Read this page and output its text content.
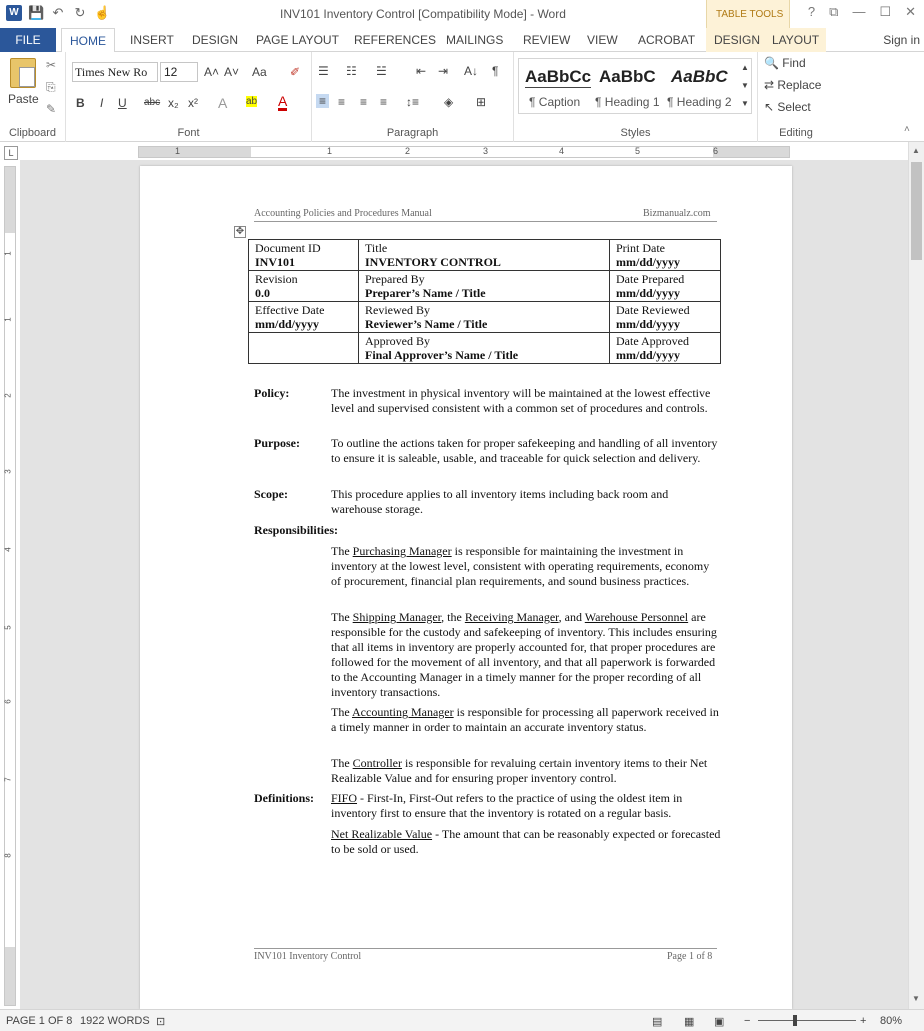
W 💾 ↶ ↻ ☝	INV101 Inventory Control [Compatibility Mode] - Word	TABLE TOOLS ? ⧉ — ☐ ✕
FILE	HOME	INSERT	DESIGN	PAGE LAYOUT	REFERENCES MAILINGS	REVIEW	VIEW	ACROBAT	DESIGN LAYOUT	Sign in
Paste
✂
⎘
✎
Clipboard
Times New Ro	12	A˄ A˅ Aa ✐
B I U abc x₂ x² A ab A
Font
☰ ☷ ☱ ⇤ ⇥ A↓ ¶
≡ ≡ ≡ ≡ ↕≡ ◈ ⊞
Paragraph
AaBbCc
¶ Caption
AaBbC
¶ Heading 1
AaBbC
¶ Heading 2
▲
▼
▼
Styles
🔍 Find
⇄ Replace
↖ Select
Editing	˄
L	1	1	2	3	4	5	6
1
1
2
3
4
5
6
7
8
Accounting Policies and Procedures Manual	Bizmanualz.com
✥
Document ID
INV101	Title
INVENTORY CONTROL	Print Date
mm/dd/yyyy
Revision
0.0	Prepared By
Preparer’s Name / Title	Date Prepared
mm/dd/yyyy
Effective Date
mm/dd/yyyy	Reviewed By
Reviewer’s Name / Title	Date Reviewed
mm/dd/yyyy

	Approved By
Final Approver’s Name / Title	Date Approved
mm/dd/yyyy
Policy:	The investment in physical inventory will be maintained at the lowest effective level and supervised consistent with a common set of procedures and controls.
Purpose:	To outline the actions taken for proper safekeeping and handling of all inventory to ensure it is saleable, usable, and traceable for quick selection and delivery.
Scope:	This procedure applies to all inventory items including back room and warehouse storage.
Responsibilities:
The Purchasing Manager is responsible for maintaining the investment in inventory at the lowest level, consistent with operating requirements, economy of procurement, financial plan requirements, and sound business practices.
The Shipping Manager, the Receiving Manager, and Warehouse Personnel are responsible for the custody and safekeeping of inventory. This includes ensuring that all items in inventory are properly accounted for, that proper procedures are followed for the movement of all inventory, and that all paperwork is forwarded to the Accounting Manager in a timely manner for the proper recording of all inventory transactions.
The Accounting Manager is responsible for processing all paperwork received in a timely manner in order to maintain an accurate inventory status.
The Controller is responsible for revaluing certain inventory items to their Net Realizable Value and for ensuring proper inventory control.
Definitions: FIFO - First-In, First-Out refers to the practice of using the oldest item in inventory first to ensure that the inventory is rotated on a regular basis.
Net Realizable Value - The amount that can be reasonably expected or forecasted to be sold or used.
INV101 Inventory Control	Page 1 of 8
▲
▼
PAGE 1 OF 8 1922 WORDS ⊡	▤ ▦ ▣ −	+ 80%
